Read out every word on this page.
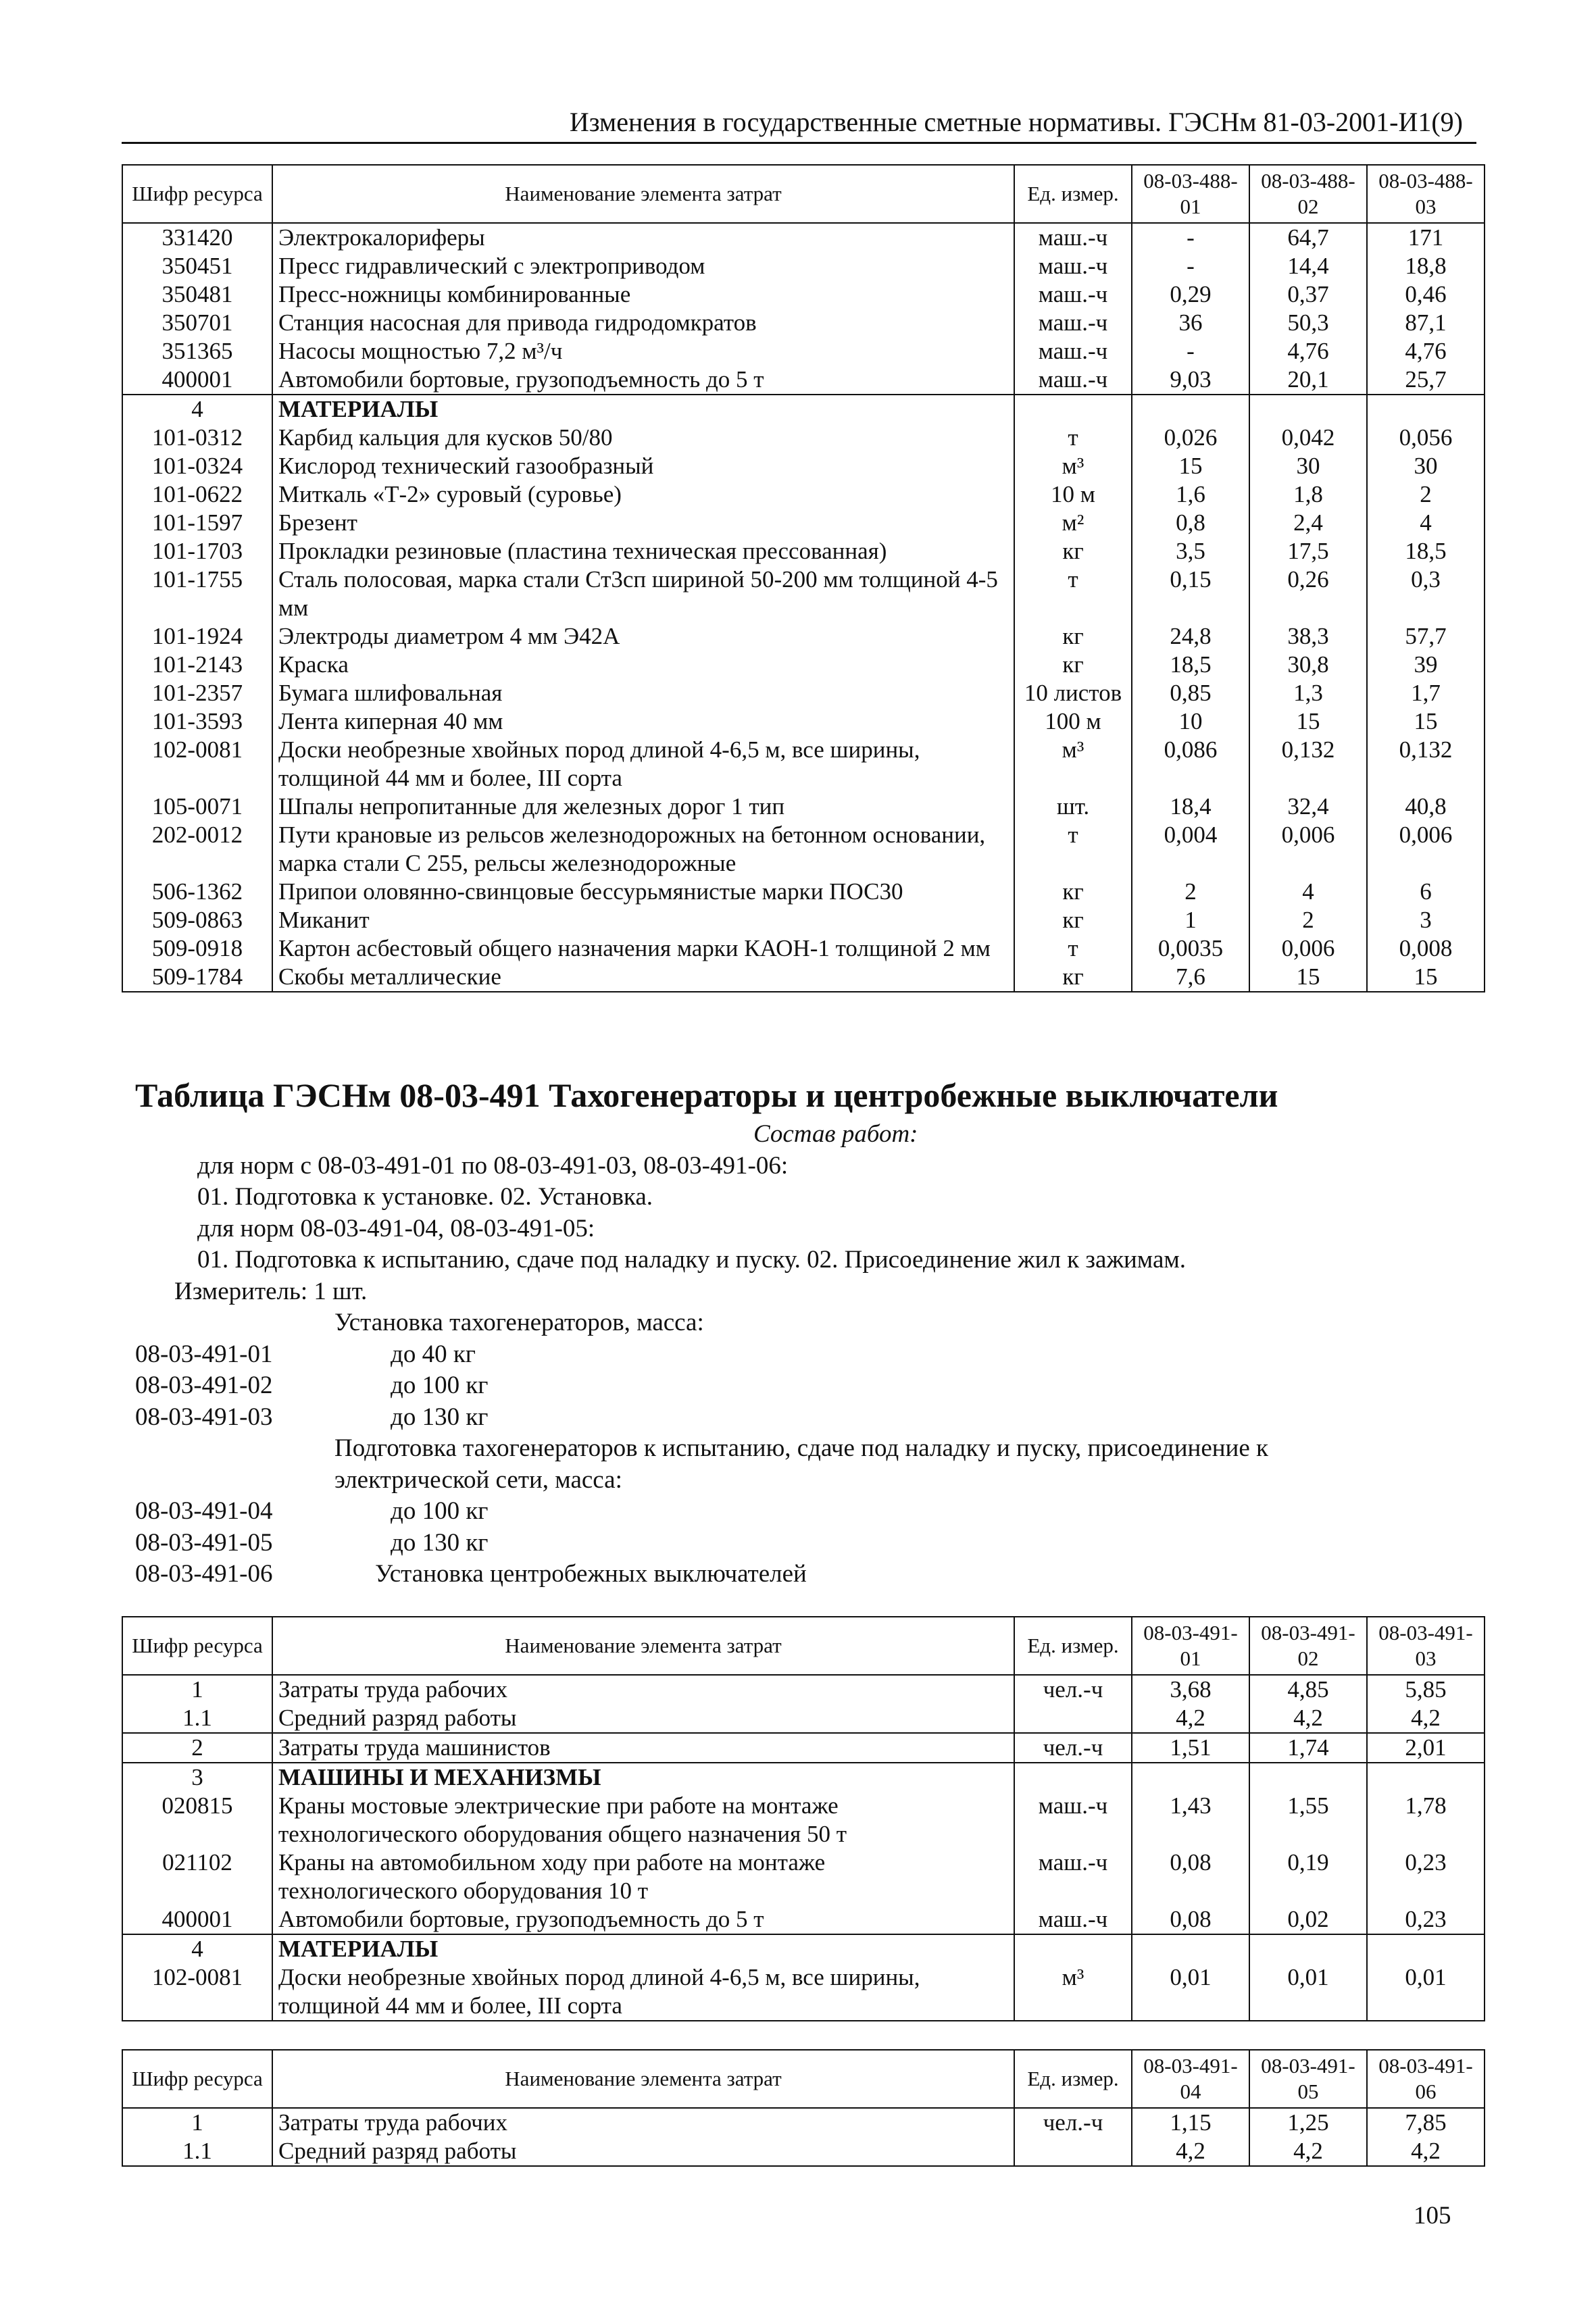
Изменения в государственные сметные нормативы. ГЭСНм 81-03-2001-И1(9)
Шифр ресурса	Наименование элемента затрат	Ед. измер.	08-03-488-01	08-03-488-02	08-03-488-03
331420	Электрокалориферы	маш.-ч	-	64,7	171
350451	Пресс гидравлический с электроприводом	маш.-ч	-	14,4	18,8
350481	Пресс-ножницы комбинированные	маш.-ч	0,29	0,37	0,46
350701	Станция насосная для привода гидродомкратов	маш.-ч	36	50,3	87,1
351365	Насосы мощностью 7,2 м³/ч	маш.-ч	-	4,76	4,76
400001	Автомобили бортовые, грузоподъемность до 5 т	маш.-ч	9,03	20,1	25,7
4	МАТЕРИАЛЫ				
101-0312	Карбид кальция для кусков 50/80	т	0,026	0,042	0,056
101-0324	Кислород технический газообразный	м³	15	30	30
101-0622	Миткаль «Т-2» суровый (суровье)	10 м	1,6	1,8	2
101-1597	Брезент	м²	0,8	2,4	4
101-1703	Прокладки резиновые (пластина техническая прессованная)	кг	3,5	17,5	18,5
101-1755	Сталь полосовая, марка стали Ст3сп шириной 50-200 мм толщиной 4-5 мм	т	0,15	0,26	0,3
101-1924	Электроды диаметром 4 мм Э42А	кг	24,8	38,3	57,7
101-2143	Краска	кг	18,5	30,8	39
101-2357	Бумага шлифовальная	10 листов	0,85	1,3	1,7
101-3593	Лента киперная 40 мм	100 м	10	15	15
102-0081	Доски необрезные хвойных пород длиной 4-6,5 м, все ширины, толщиной 44 мм и более, III сорта	м³	0,086	0,132	0,132
105-0071	Шпалы непропитанные для железных дорог 1 тип	шт.	18,4	32,4	40,8
202-0012	Пути крановые из рельсов железнодорожных на бетонном основании, марка стали С 255, рельсы железнодорожные	т	0,004	0,006	0,006
506-1362	Припои оловянно-свинцовые бессурьмянистые марки ПОС30	кг	2	4	6
509-0863	Миканит	кг	1	2	3
509-0918	Картон асбестовый общего назначения марки КАОН-1 толщиной 2 мм	т	0,0035	0,006	0,008
509-1784	Скобы металлические	кг	7,6	15	15
Таблица ГЭСНм 08-03-491 Тахогенераторы и центробежные выключатели
Состав работ:
для норм с 08-03-491-01 по 08-03-491-03, 08-03-491-06:
01. Подготовка к установке. 02. Установка.
для норм 08-03-491-04, 08-03-491-05:
01. Подготовка к испытанию, сдаче под наладку и пуску. 02. Присоединение жил к зажимам.
Измеритель: 1 шт.
Установка тахогенераторов, масса:
08-03-491-01	до 40 кг
08-03-491-02	до 100 кг
08-03-491-03	до 130 кг
Подготовка тахогенераторов к испытанию, сдаче под наладку и пуску, присоединение к
электрической сети, масса:
08-03-491-04	до 100 кг
08-03-491-05	до 130 кг
08-03-491-06	Установка центробежных выключателей
Шифр ресурса	Наименование элемента затрат	Ед. измер.	08-03-491-01	08-03-491-02	08-03-491-03
1	Затраты труда рабочих	чел.-ч	3,68	4,85	5,85
1.1	Средний разряд работы		4,2	4,2	4,2
2	Затраты труда машинистов	чел.-ч	1,51	1,74	2,01
3	МАШИНЫ И МЕХАНИЗМЫ				
020815	Краны мостовые электрические при работе на монтаже технологического оборудования общего назначения 50 т	маш.-ч	1,43	1,55	1,78
021102	Краны на автомобильном ходу при работе на монтаже технологического оборудования 10 т	маш.-ч	0,08	0,19	0,23
400001	Автомобили бортовые, грузоподъемность до 5 т	маш.-ч	0,08	0,02	0,23
4	МАТЕРИАЛЫ				
102-0081	Доски необрезные хвойных пород длиной 4-6,5 м, все ширины, толщиной 44 мм и более, III сорта	м³	0,01	0,01	0,01
Шифр ресурса	Наименование элемента затрат	Ед. измер.	08-03-491-04	08-03-491-05	08-03-491-06
1	Затраты труда рабочих	чел.-ч	1,15	1,25	7,85
1.1	Средний разряд работы		4,2	4,2	4,2
105
